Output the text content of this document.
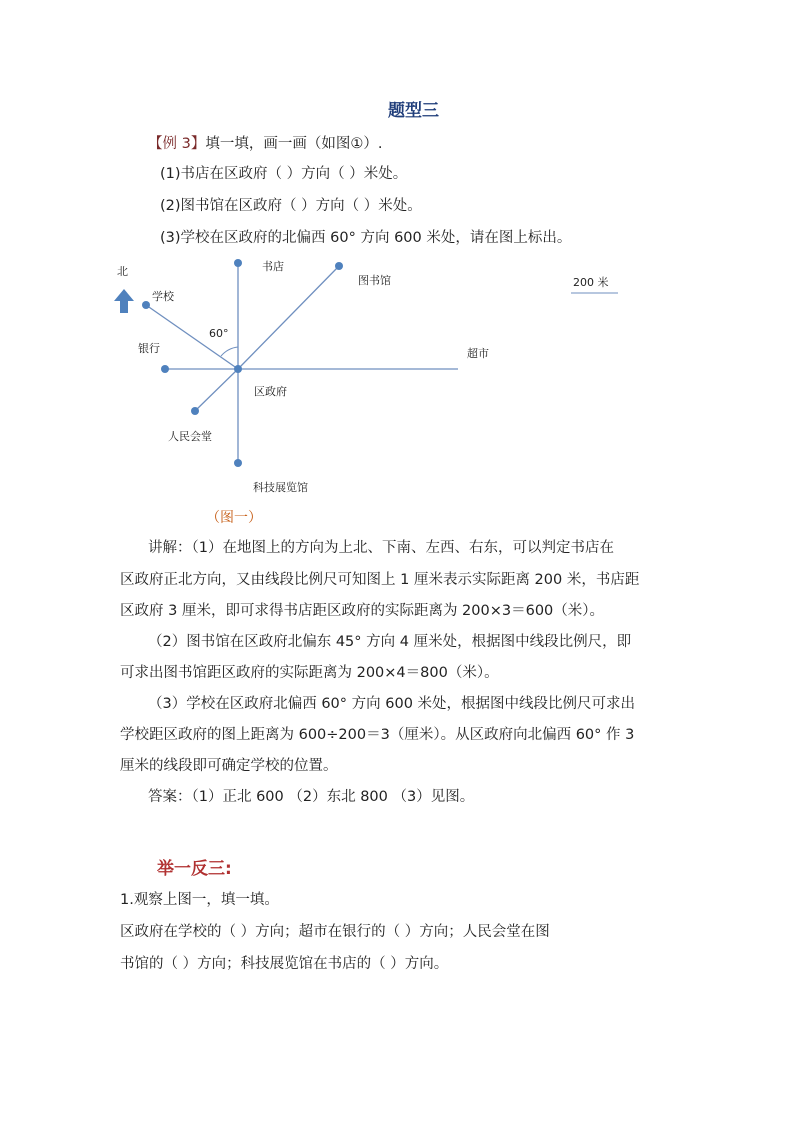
题型三
【例 3】填一填，画一画（如图①）.
(1)书店在区政府（ ）方向（ ）米处。
(2)图书馆在区政府（ ）方向（ ）米处。
(3)学校在区政府的北偏西 60° 方向 600 米处，请在图上标出。
北
200 米
60°
书店
图书馆
学校
银行	超市
区政府
人民会堂
科技展览馆
（图一）
讲解：（1）在地图上的方向为上北、下南、左西、右东，可以判定书店在
区政府正北方向，又由线段比例尺可知图上 1 厘米表示实际距离 200 米，书店距
区政府 3 厘米，即可求得书店距区政府的实际距离为 200×3＝600（米）。
（2）图书馆在区政府北偏东 45° 方向 4 厘米处，根据图中线段比例尺，即
可求出图书馆距区政府的实际距离为 200×4＝800（米）。
（3）学校在区政府北偏西 60° 方向 600 米处，根据图中线段比例尺可求出
学校距区政府的图上距离为 600÷200＝3（厘米）。从区政府向北偏西 60° 作 3
厘米的线段即可确定学校的位置。
答案：（1）正北 600 （2）东北 800 （3）见图。
举一反三:
1.观察上图一，填一填。
区政府在学校的（ ）方向；超市在银行的（ ）方向；人民会堂在图
书馆的（ ）方向；科技展览馆在书店的（ ）方向。
